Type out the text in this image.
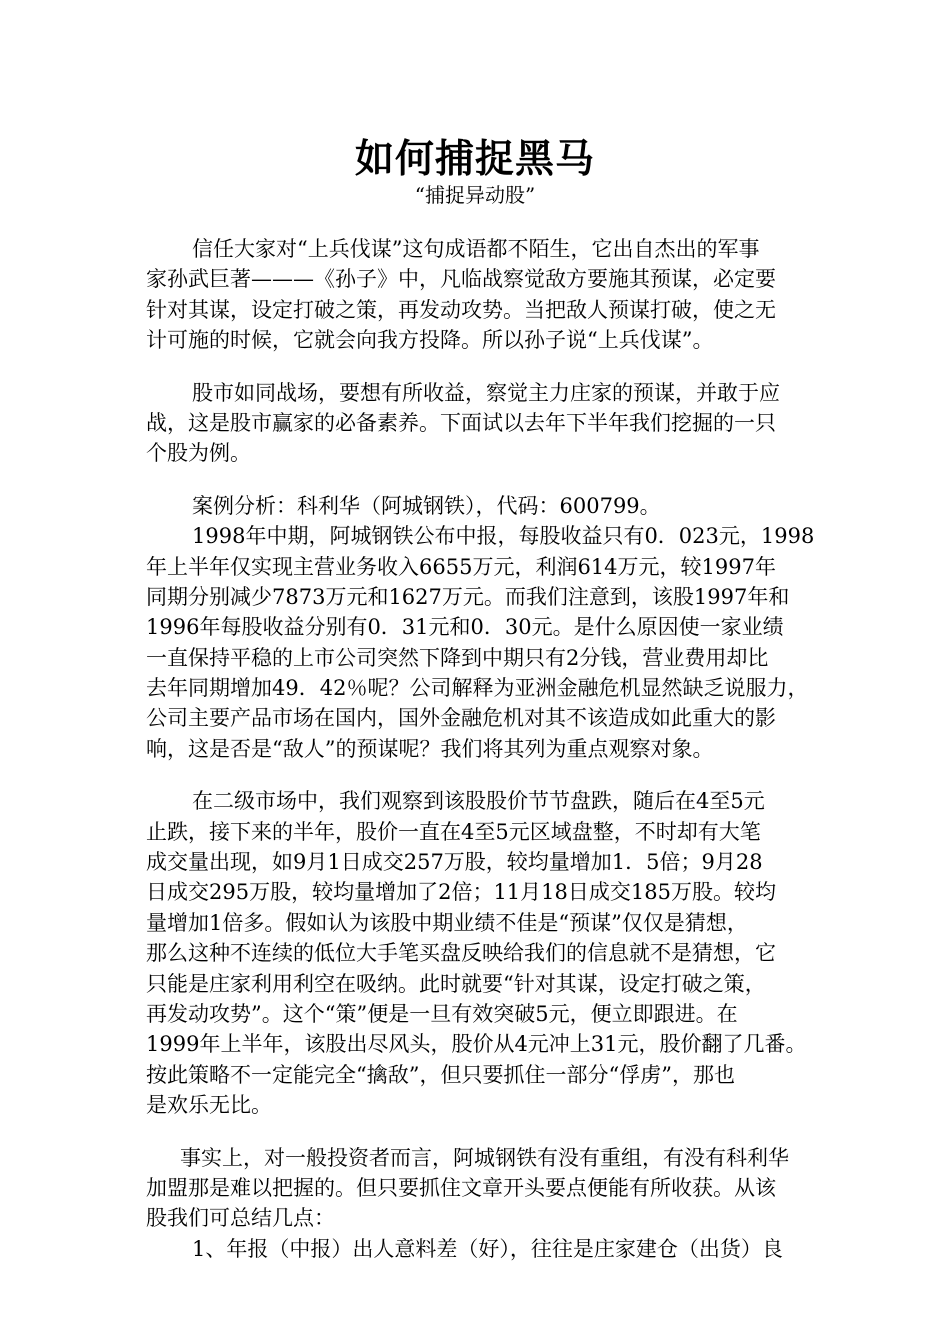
如何捕捉黑马
“捕捉异动股”
信任大家对“上兵伐谋”这句成语都不陌生，它出自杰出的军事
家孙武巨著———《孙子》中，凡临战察觉敌方要施其预谋，必定要
针对其谋，设定打破之策，再发动攻势。当把敌人预谋打破，使之无
计可施的时候，它就会向我方投降。所以孙子说“上兵伐谋”。
股市如同战场，要想有所收益，察觉主力庄家的预谋，并敢于应
战，这是股市赢家的必备素养。下面试以去年下半年我们挖掘的一只
个股为例。
案例分析：科利华（阿城钢铁），代码：600799。
1998年中期，阿城钢铁公布中报，每股收益只有0．023元，1998
年上半年仅实现主营业务收入6655万元，利润614万元，较1997年
同期分别减少7873万元和1627万元。而我们注意到，该股1997年和
1996年每股收益分别有0．31元和0．30元。是什么原因使一家业绩
一直保持平稳的上市公司突然下降到中期只有2分钱，营业费用却比
去年同期增加49．42％呢？公司解释为亚洲金融危机显然缺乏说服力，
公司主要产品市场在国内，国外金融危机对其不该造成如此重大的影
响，这是否是“敌人”的预谋呢？我们将其列为重点观察对象。
在二级市场中，我们观察到该股股价节节盘跌，随后在4至5元
止跌，接下来的半年，股价一直在4至5元区域盘整，不时却有大笔
成交量出现，如9月1日成交257万股，较均量增加1．5倍；9月28
日成交295万股，较均量增加了2倍；11月18日成交185万股。较均
量增加1倍多。假如认为该股中期业绩不佳是“预谋”仅仅是猜想，
那么这种不连续的低位大手笔买盘反映给我们的信息就不是猜想，它
只能是庄家利用利空在吸纳。此时就要“针对其谋，设定打破之策，
再发动攻势”。这个“策”便是一旦有效突破5元，便立即跟进。在
1999年上半年，该股出尽风头，股价从4元冲上31元，股价翻了几番。
按此策略不一定能完全“擒敌”，但只要抓住一部分“俘虏”，那也
是欢乐无比。
事实上，对一般投资者而言，阿城钢铁有没有重组，有没有科利华
加盟那是难以把握的。但只要抓住文章开头要点便能有所收获。从该
股我们可总结几点：
1、年报（中报）出人意料差（好），往往是庄家建仓（出货）良
